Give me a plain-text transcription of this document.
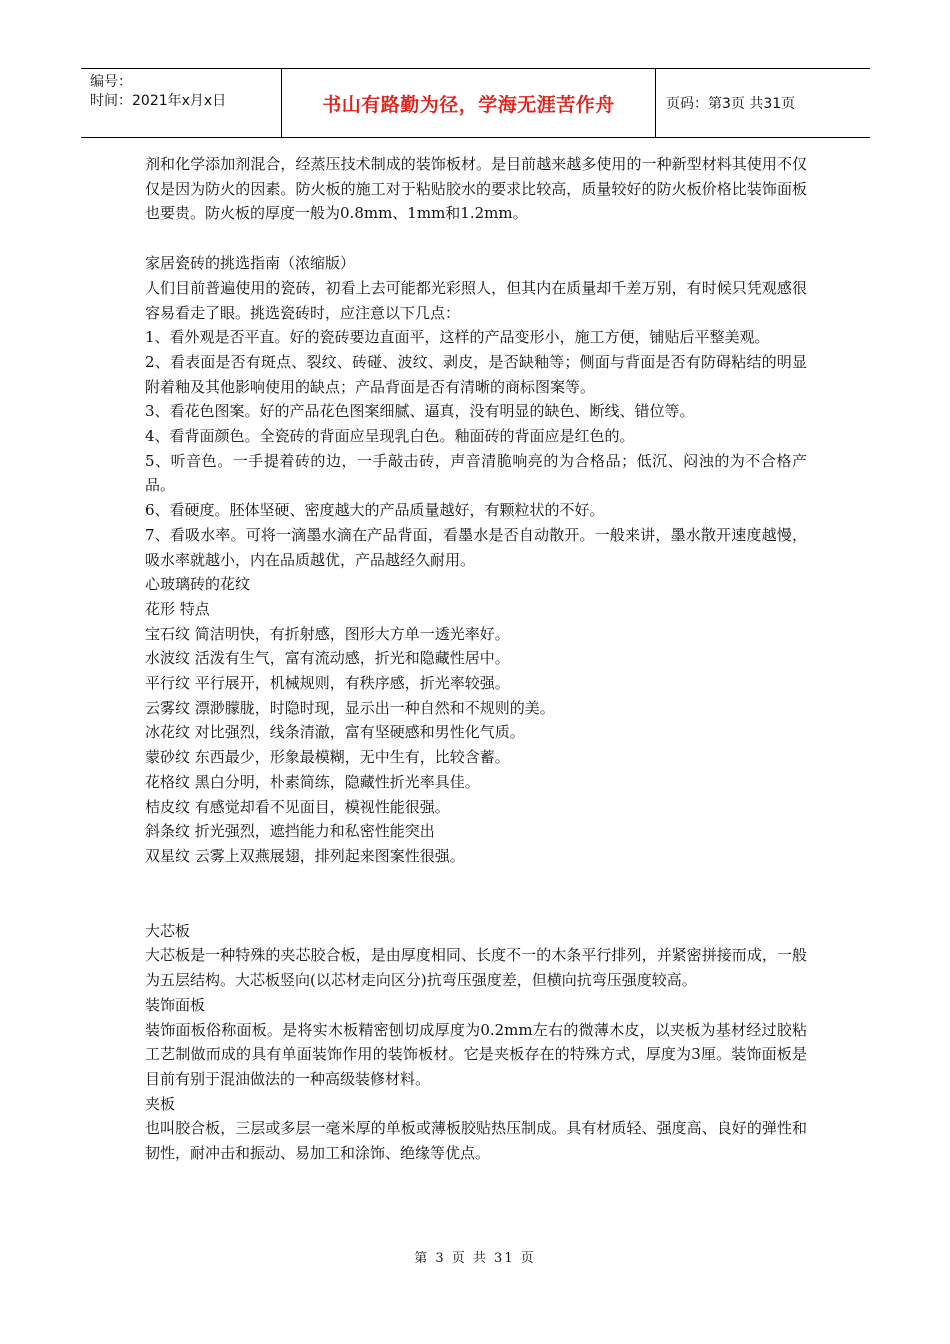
编号：
时间：2021年x月x日	书山有路勤为径，学海无涯苦作舟	页码：第3页 共31页

剂和化学添加剂混合，经蒸压技术制成的装饰板材。是目前越来越多使用的一种新型材料其使用不仅仅是因为防火的因素。防火板的施工对于粘贴胶水的要求比较高，质量较好的防火板价格比装饰面板也要贵。防火板的厚度一般为0.8mm、1mm和1.2mm。

家居瓷砖的挑选指南（浓缩版）

人们目前普遍使用的瓷砖，初看上去可能都光彩照人，但其内在质量却千差万别，有时候只凭观感很容易看走了眼。挑选瓷砖时，应注意以下几点：

1、看外观是否平直。好的瓷砖要边直面平，这样的产品变形小，施工方便，铺贴后平整美观。

2、看表面是否有斑点、裂纹、砖碰、波纹、剥皮，是否缺釉等；侧面与背面是否有防碍粘结的明显附着釉及其他影响使用的缺点；产品背面是否有清晰的商标图案等。

3、看花色图案。好的产品花色图案细腻、逼真，没有明显的缺色、断线、错位等。

4、看背面颜色。全瓷砖的背面应呈现乳白色。釉面砖的背面应是红色的。

5、听音色。一手提着砖的边，一手敲击砖，声音清脆响亮的为合格品；低沉、闷浊的为不合格产品。

6、看硬度。胚体坚硬、密度越大的产品质量越好，有颗粒状的不好。

7、看吸水率。可将一滴墨水滴在产品背面，看墨水是否自动散开。一般来讲，墨水散开速度越慢，吸水率就越小，内在品质越优，产品越经久耐用。

心玻璃砖的花纹

花形 特点

宝石纹 简洁明快，有折射感，图形大方单一透光率好。

水波纹 活泼有生气，富有流动感，折光和隐藏性居中。

平行纹 平行展开，机械规则，有秩序感，折光率较强。

云雾纹 漂渺朦胧，时隐时现，显示出一种自然和不规则的美。

冰花纹 对比强烈，线条清澈，富有坚硬感和男性化气质。

蒙砂纹 东西最少，形象最模糊，无中生有，比较含蓄。

花格纹 黑白分明，朴素简练，隐藏性折光率具佳。

桔皮纹 有感觉却看不见面目，模视性能很强。

斜条纹 折光强烈，遮挡能力和私密性能突出

双星纹 云雾上双燕展翅，排列起来图案性很强。

大芯板

大芯板是一种特殊的夹芯胶合板，是由厚度相同、长度不一的木条平行排列，并紧密拼接而成，一般为五层结构。大芯板竖向(以芯材走向区分)抗弯压强度差，但横向抗弯压强度较高。

装饰面板

装饰面板俗称面板。是将实木板精密刨切成厚度为0.2mm左右的微薄木皮，以夹板为基材经过胶粘工艺制做而成的具有单面装饰作用的装饰板材。它是夹板存在的特殊方式，厚度为3厘。装饰面板是目前有别于混油做法的一种高级装修材料。

夹板

也叫胶合板，三层或多层一毫米厚的单板或薄板胶贴热压制成。具有材质轻、强度高、良好的弹性和韧性，耐冲击和振动、易加工和涂饰、绝缘等优点。

第 3 页 共 31 页
